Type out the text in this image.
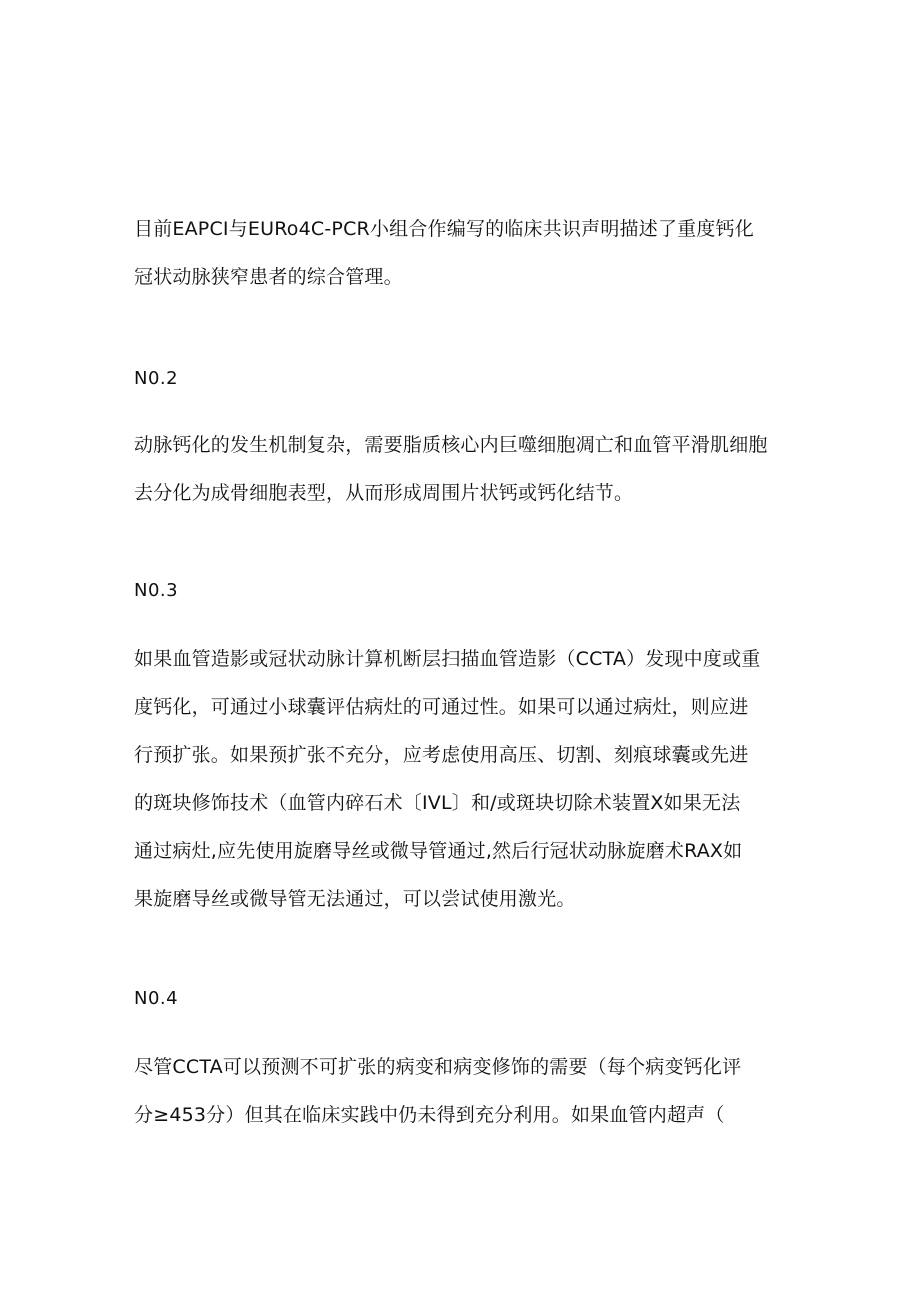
目前EAPCI与EURo4C-PCR小组合作编写的临床共识声明描述了重度钙化
冠状动脉狭窄患者的综合管理。
N0.2
动脉钙化的发生机制复杂，需要脂质核心内巨噬细胞凋亡和血管平滑肌细胞
去分化为成骨细胞表型，从而形成周围片状钙或钙化结节。
N0.3
如果血管造影或冠状动脉计算机断层扫描血管造影（CCTA）发现中度或重
度钙化，可通过小球囊评估病灶的可通过性。如果可以通过病灶，则应进
行预扩张。如果预扩张不充分，应考虑使用高压、切割、刻痕球囊或先进
的斑块修饰技术（血管内碎石术〔IVL〕和/或斑块切除术装置X如果无法
通过病灶,应先使用旋磨导丝或微导管通过,然后行冠状动脉旋磨术RAX如
果旋磨导丝或微导管无法通过，可以尝试使用激光。
N0.4
尽管CCTA可以预测不可扩张的病变和病变修饰的需要（每个病变钙化评
分≥453分）但其在临床实践中仍未得到充分利用。如果血管内超声（
